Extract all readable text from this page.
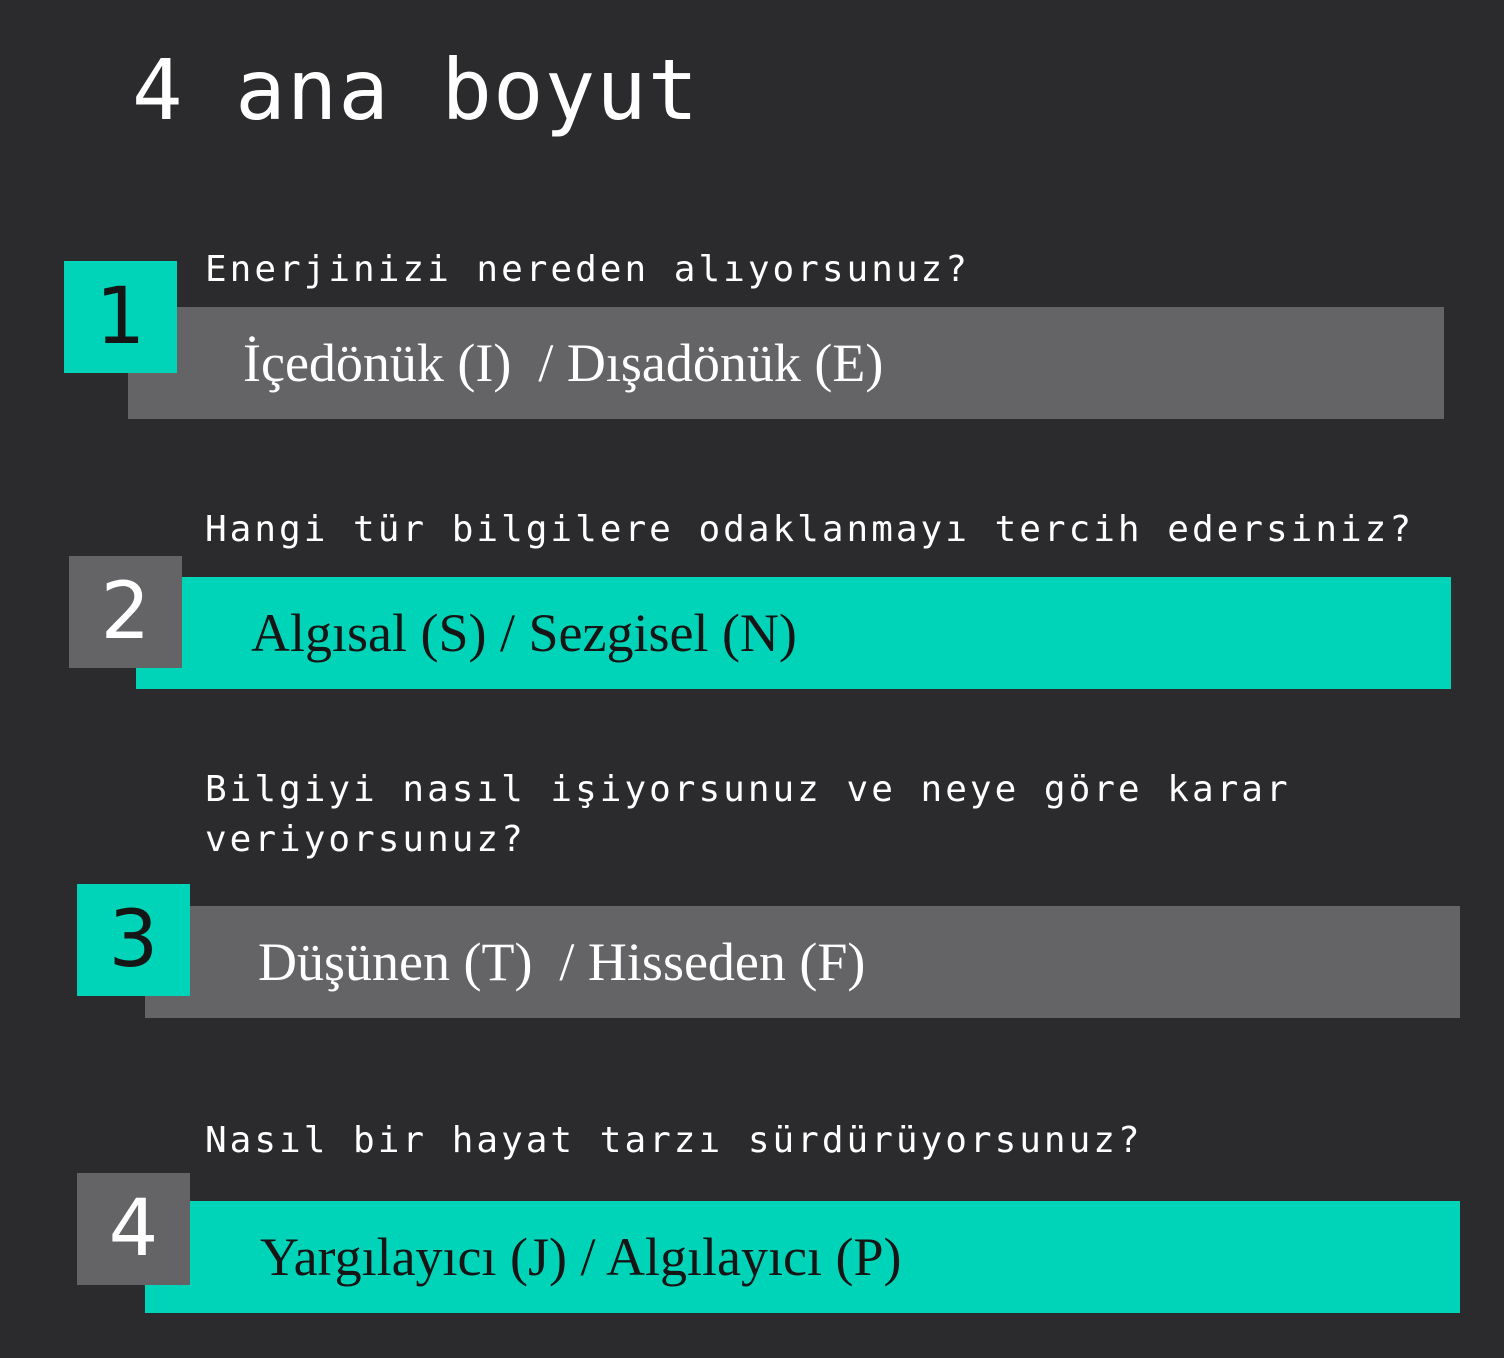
4 ana boyut

Enerjinizi nereden alıyorsunuz?

İçedönük (I)  / Dışadönük (E)
1

Hangi tür bilgilere odaklanmayı tercih edersiniz?

Algısal (S) / Sezgisel (N)
2

Bilgiyi nasıl işiyorsunuz ve neye göre karar
veriyorsunuz?

Düşünen (T)  / Hisseden (F)
3

Nasıl bir hayat tarzı sürdürüyorsunuz?

Yargılayıcı (J) / Algılayıcı (P)
4
